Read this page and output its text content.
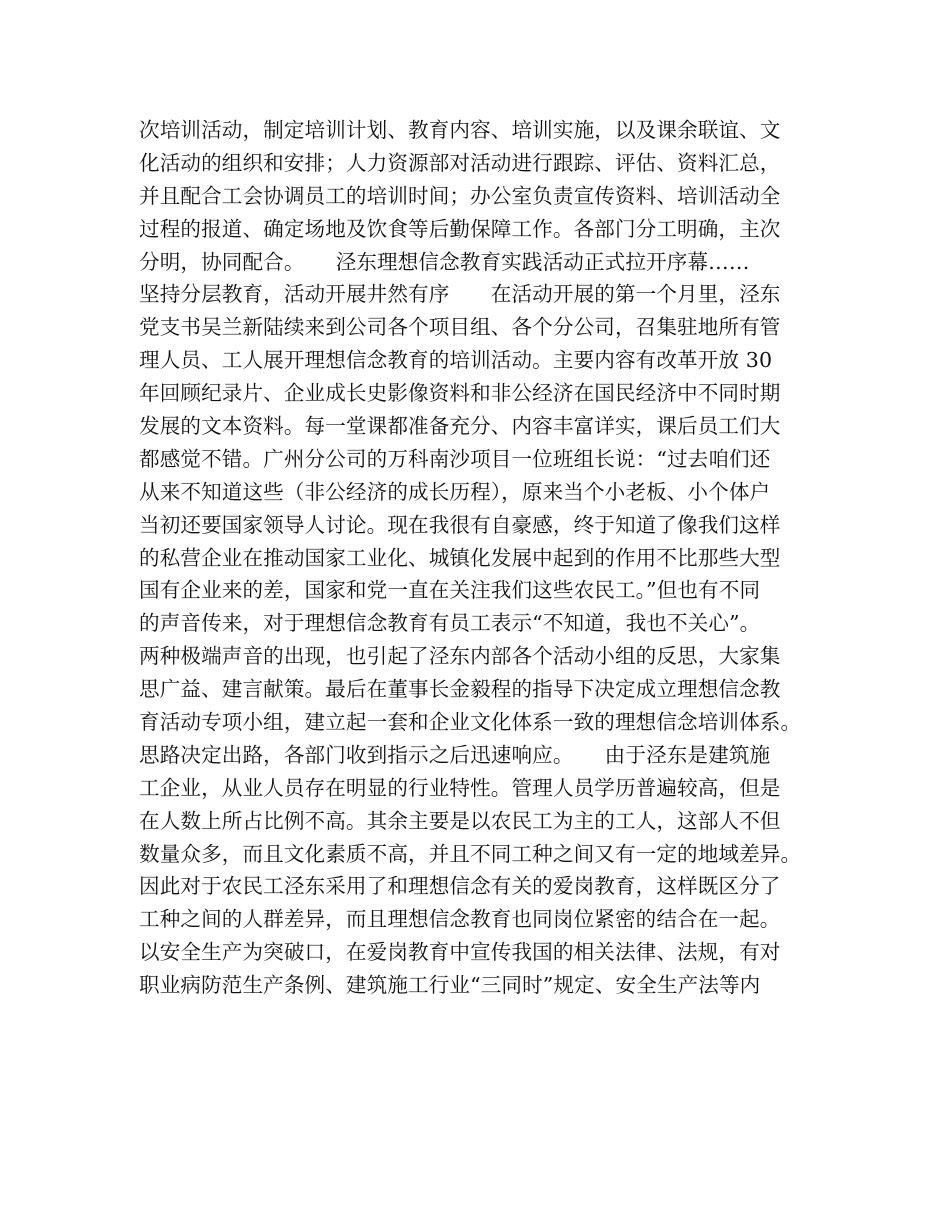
次培训活动，制定培训计划、教育内容、培训实施，以及课余联谊、文
化活动的组织和安排；人力资源部对活动进行跟踪、评估、资料汇总，
并且配合工会协调员工的培训时间；办公室负责宣传资料、培训活动全
过程的报道、确定场地及饮食等后勤保障工作。各部门分工明确，主次
分明，协同配合。　　泾东理想信念教育实践活动正式拉开序幕……
坚持分层教育，活动开展井然有序　　在活动开展的第一个月里，泾东
党支书吴兰新陆续来到公司各个项目组、各个分公司，召集驻地所有管
理人员、工人展开理想信念教育的培训活动。主要内容有改革开放 30
年回顾纪录片、企业成长史影像资料和非公经济在国民经济中不同时期
发展的文本资料。每一堂课都准备充分、内容丰富详实，课后员工们大
都感觉不错。广州分公司的万科南沙项目一位班组长说：“过去咱们还
从来不知道这些（非公经济的成长历程），原来当个小老板、小个体户
当初还要国家领导人讨论。现在我很有自豪感，终于知道了像我们这样
的私营企业在推动国家工业化、城镇化发展中起到的作用不比那些大型
国有企业来的差，国家和党一直在关注我们这些农民工。”但也有不同
的声音传来，对于理想信念教育有员工表示“不知道，我也不关心”。
两种极端声音的出现，也引起了泾东内部各个活动小组的反思，大家集
思广益、建言献策。最后在董事长金毅程的指导下决定成立理想信念教
育活动专项小组，建立起一套和企业文化体系一致的理想信念培训体系。
思路决定出路，各部门收到指示之后迅速响应。　　由于泾东是建筑施
工企业，从业人员存在明显的行业特性。管理人员学历普遍较高，但是
在人数上所占比例不高。其余主要是以农民工为主的工人，这部人不但
数量众多，而且文化素质不高，并且不同工种之间又有一定的地域差异。
因此对于农民工泾东采用了和理想信念有关的爱岗教育，这样既区分了
工种之间的人群差异，而且理想信念教育也同岗位紧密的结合在一起。
以安全生产为突破口，在爱岗教育中宣传我国的相关法律、法规，有对
职业病防范生产条例、建筑施工行业“三同时”规定、安全生产法等内
